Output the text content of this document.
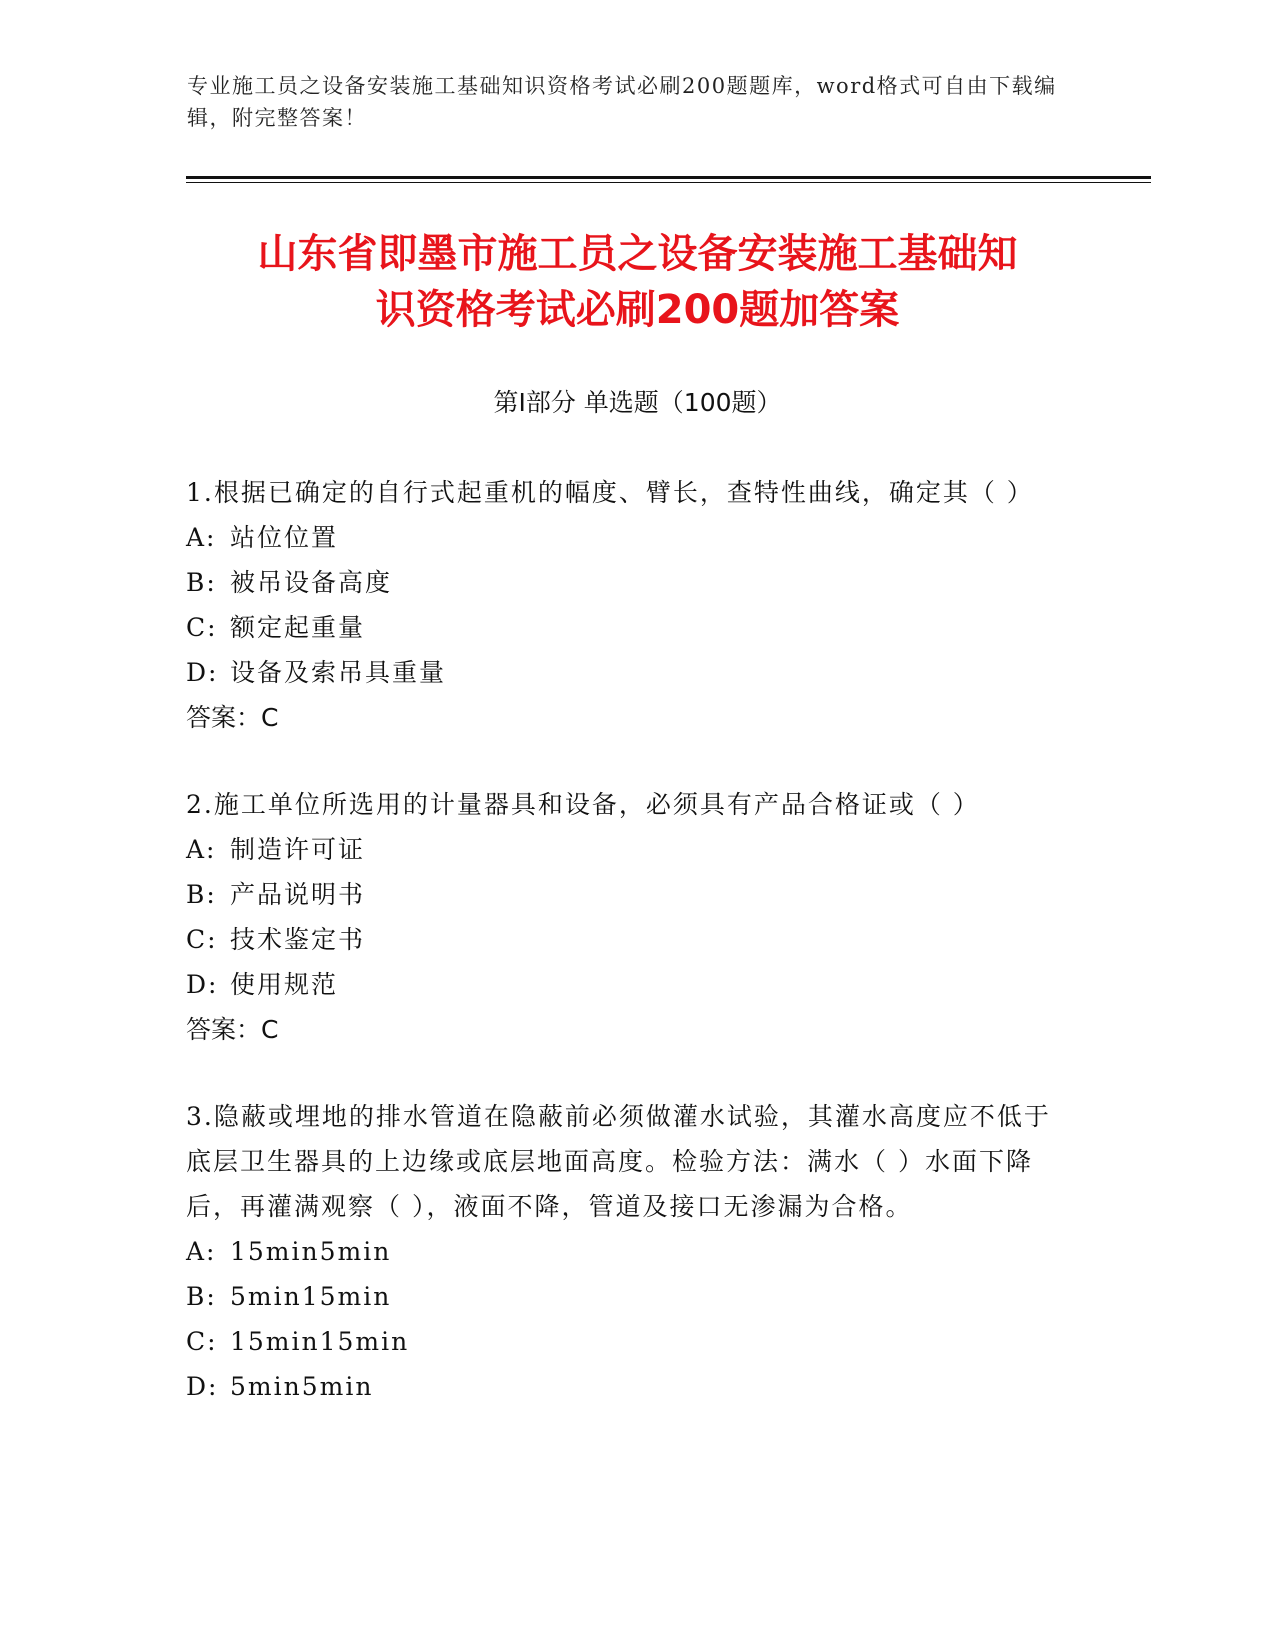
专业施工员之设备安装施工基础知识资格考试必刷200题题库，word格式可自由下载编辑，附完整答案！
山东省即墨市施工员之设备安装施工基础知
识资格考试必刷200题加答案
第Ⅰ部分 单选题（100题）
1.根据已确定的自行式起重机的幅度、臂长，查特性曲线，确定其（ ）
A: 站位位置
B: 被吊设备高度
C: 额定起重量
D: 设备及索吊具重量
答案：C
2.施工单位所选用的计量器具和设备，必须具有产品合格证或（ ）
A: 制造许可证
B: 产品说明书
C: 技术鉴定书
D: 使用规范
答案：C
3.隐蔽或埋地的排水管道在隐蔽前必须做灌水试验，其灌水高度应不低于底层卫生器具的上边缘或底层地面高度。检验方法：满水（ ）水面下降后，再灌满观察（ ），液面不降，管道及接口无渗漏为合格。
A: 15min5min
B: 5min15min
C: 15min15min
D: 5min5min
